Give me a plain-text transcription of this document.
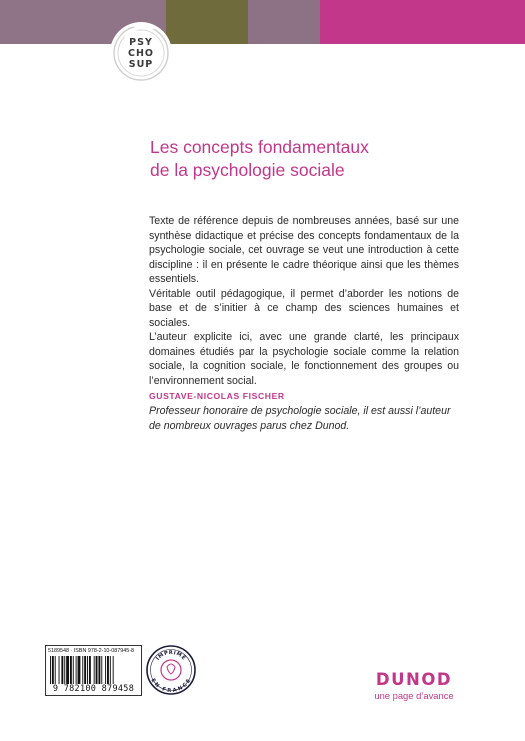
PSY
CHO
SUP
Les concepts fondamentaux
de la psychologie sociale

Texte de référence depuis de nombreuses années, basé sur une synthèse didactique et précise des concepts fondamentaux de la psychologie sociale, cet ouvrage se veut une introduction à cette discipline : il en présente le cadre théorique ainsi que les thèmes essentiels.

Véritable outil pédagogique, il permet d’aborder les notions de base et de s’initier à ce champ des sciences humaines et sociales.

L’auteur explicite ici, avec une grande clarté, les principaux domaines étudiés par la psychologie sociale comme la relation sociale, la cognition sociale, le fonctionnement des groupes ou l’environnement social.

GUSTAVE-NICOLAS FISCHER
Professeur honoraire de psychologie sociale, il est aussi l’auteur de nombreux ouvrages parus chez Dunod.
5189548 · ISBN 978-2-10-087945-8
9 782100 879458
IMPRIMÉ
EN FRANCE	DUNOD
une page d’avance
